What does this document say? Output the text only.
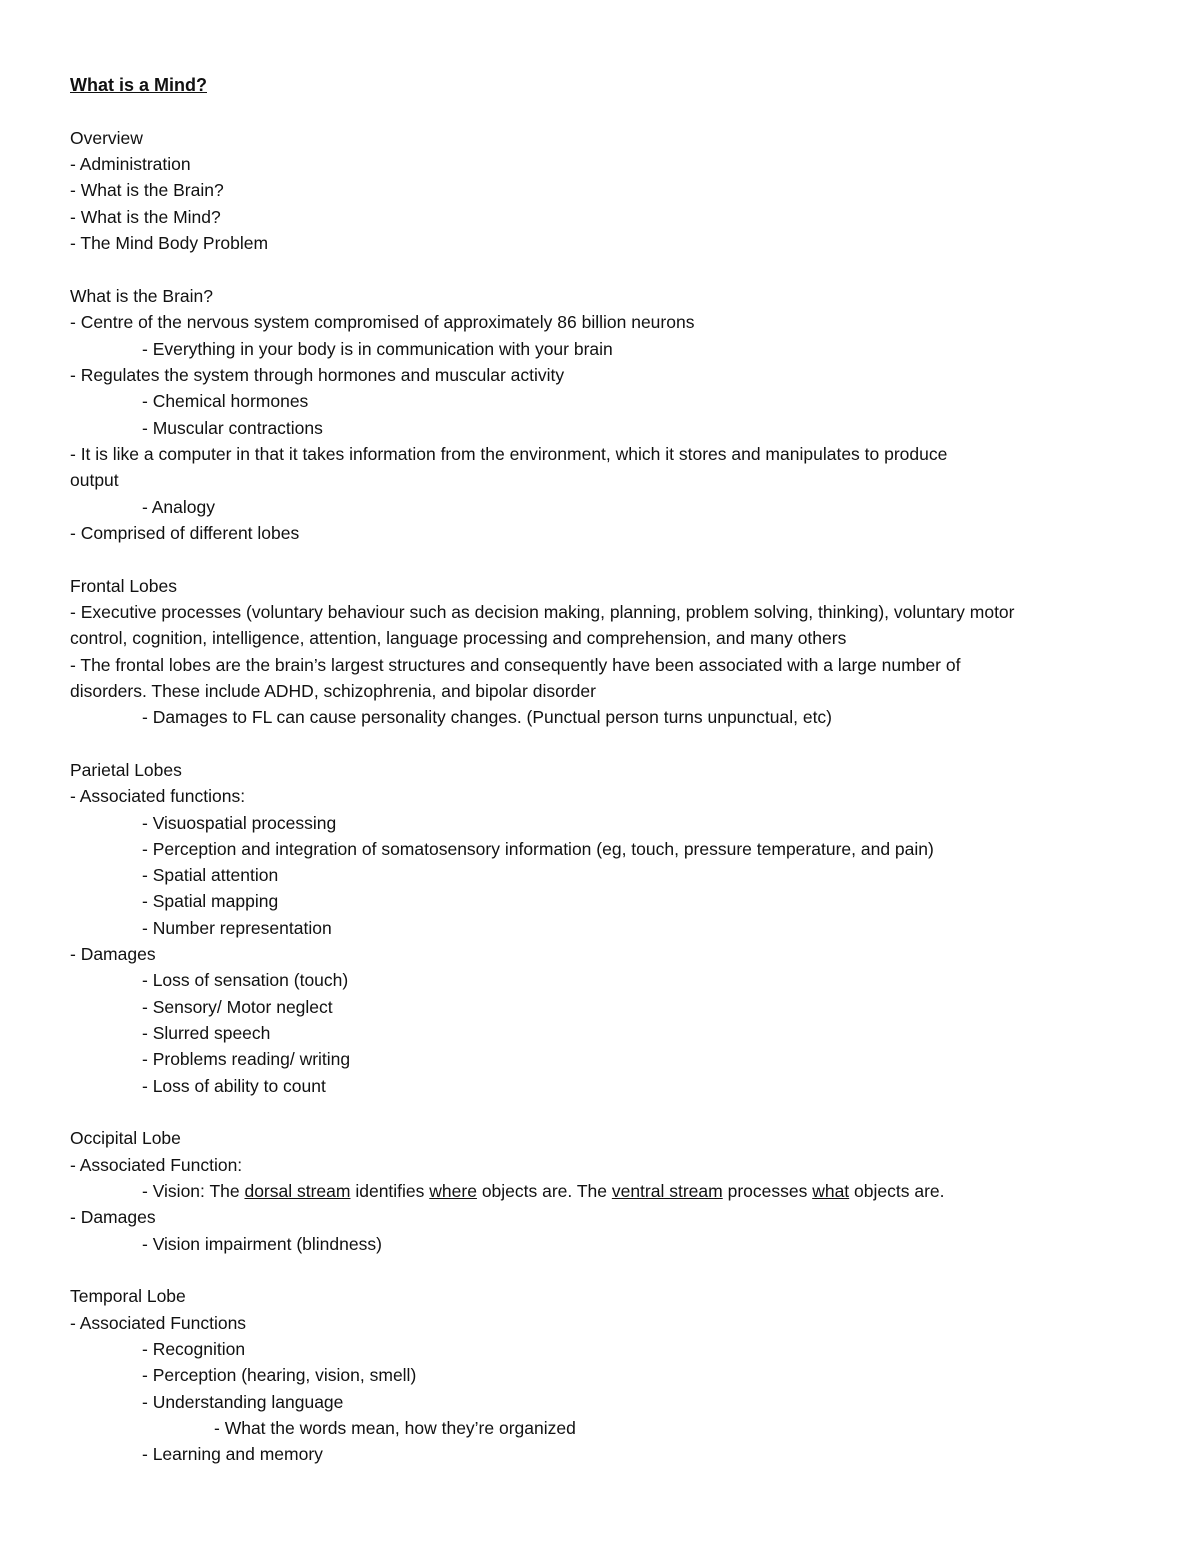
What is a Mind?
Overview
- Administration
- What is the Brain?
- What is the Mind?
- The Mind Body Problem
What is the Brain?
- Centre of the nervous system compromised of approximately 86 billion neurons
- Everything in your body is in communication with your brain
- Regulates the system through hormones and muscular activity
- Chemical hormones
- Muscular contractions
- It is like a computer in that it takes information from the environment, which it stores and manipulates to produce
output
- Analogy
- Comprised of different lobes
Frontal Lobes
- Executive processes (voluntary behaviour such as decision making, planning, problem solving, thinking), voluntary motor
control, cognition, intelligence, attention, language processing and comprehension, and many others
- The frontal lobes are the brain’s largest structures and consequently have been associated with a large number of
disorders. These include ADHD, schizophrenia, and bipolar disorder
- Damages to FL can cause personality changes. (Punctual person turns unpunctual, etc)
Parietal Lobes
- Associated functions:
- Visuospatial processing
- Perception and integration of somatosensory information (eg, touch, pressure temperature, and pain)
- Spatial attention
- Spatial mapping
- Number representation
- Damages
- Loss of sensation (touch)
- Sensory/ Motor neglect
- Slurred speech
- Problems reading/ writing
- Loss of ability to count
Occipital Lobe
- Associated Function:
- Vision: The dorsal stream identifies where objects are. The ventral stream processes what objects are.
- Damages
- Vision impairment (blindness)
Temporal Lobe
- Associated Functions
- Recognition
- Perception (hearing, vision, smell)
- Understanding language
- What the words mean, how they’re organized
- Learning and memory
